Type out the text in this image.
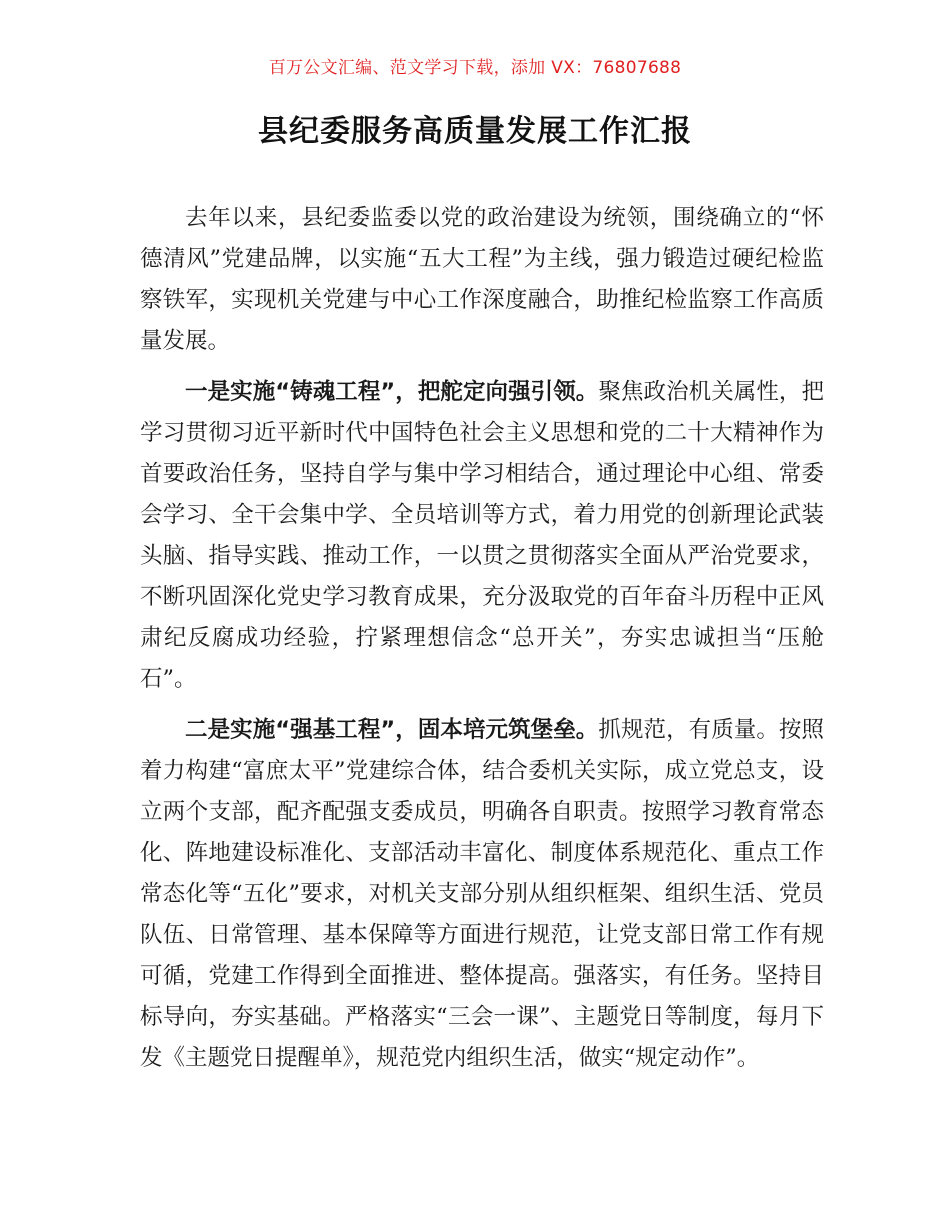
百万公文汇编、范文学习下载，添加 VX：76807688
县纪委服务高质量发展工作汇报

去年以来，县纪委监委以党的政治建设为统领，围绕确立的“怀德清风”党建品牌，以实施“五大工程”为主线，强力锻造过硬纪检监察铁军，实现机关党建与中心工作深度融合，助推纪检监察工作高质量发展。

一是实施“铸魂工程”，把舵定向强引领。聚焦政治机关属性，把学习贯彻习近平新时代中国特色社会主义思想和党的二十大精神作为首要政治任务，坚持自学与集中学习相结合，通过理论中心组、常委会学习、全干会集中学、全员培训等方式，着力用党的创新理论武装头脑、指导实践、推动工作，一以贯之贯彻落实全面从严治党要求，不断巩固深化党史学习教育成果，充分汲取党的百年奋斗历程中正风肃纪反腐成功经验，拧紧理想信念“总开关”，夯实忠诚担当“压舱石”。

二是实施“强基工程”，固本培元筑堡垒。抓规范，有质量。按照着力构建“富庶太平”党建综合体，结合委机关实际，成立党总支，设立两个支部，配齐配强支委成员，明确各自职责。按照学习教育常态化、阵地建设标准化、支部活动丰富化、制度体系规范化、重点工作常态化等“五化”要求，对机关支部分别从组织框架、组织生活、党员队伍、日常管理、基本保障等方面进行规范，让党支部日常工作有规可循，党建工作得到全面推进、整体提高。强落实，有任务。坚持目标导向，夯实基础。严格落实“三会一课”、主题党日等制度，每月下发《主题党日提醒单》，规范党内组织生活，做实“规定动作”。
